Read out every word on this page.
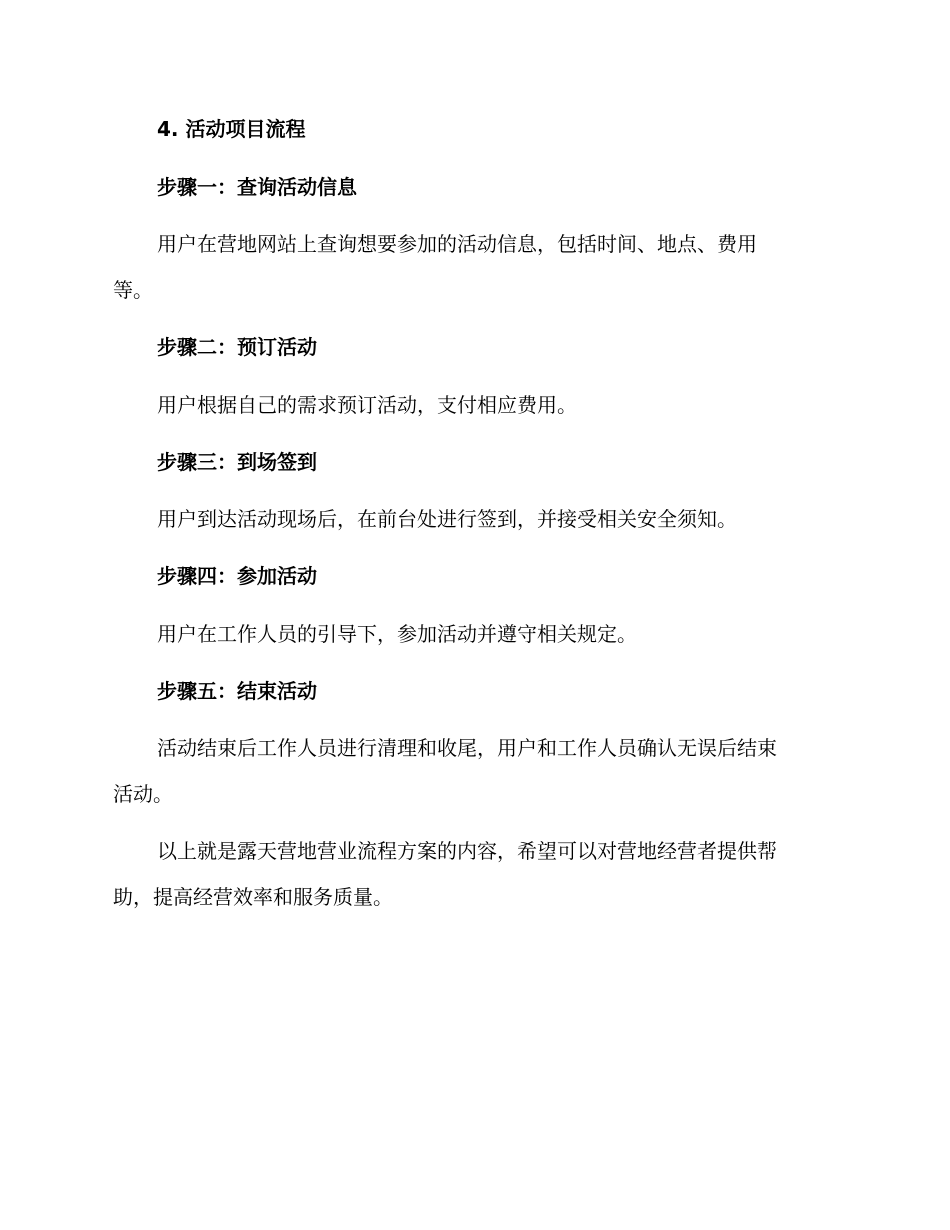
4. 活动项目流程
步骤一：查询活动信息
用户在营地网站上查询想要参加的活动信息，包括时间、地点、费用
等。
步骤二：预订活动
用户根据自己的需求预订活动，支付相应费用。
步骤三：到场签到
用户到达活动现场后，在前台处进行签到，并接受相关安全须知。
步骤四：参加活动
用户在工作人员的引导下，参加活动并遵守相关规定。
步骤五：结束活动
活动结束后工作人员进行清理和收尾，用户和工作人员确认无误后结束
活动。
以上就是露天营地营业流程方案的内容，希望可以对营地经营者提供帮
助，提高经营效率和服务质量。
